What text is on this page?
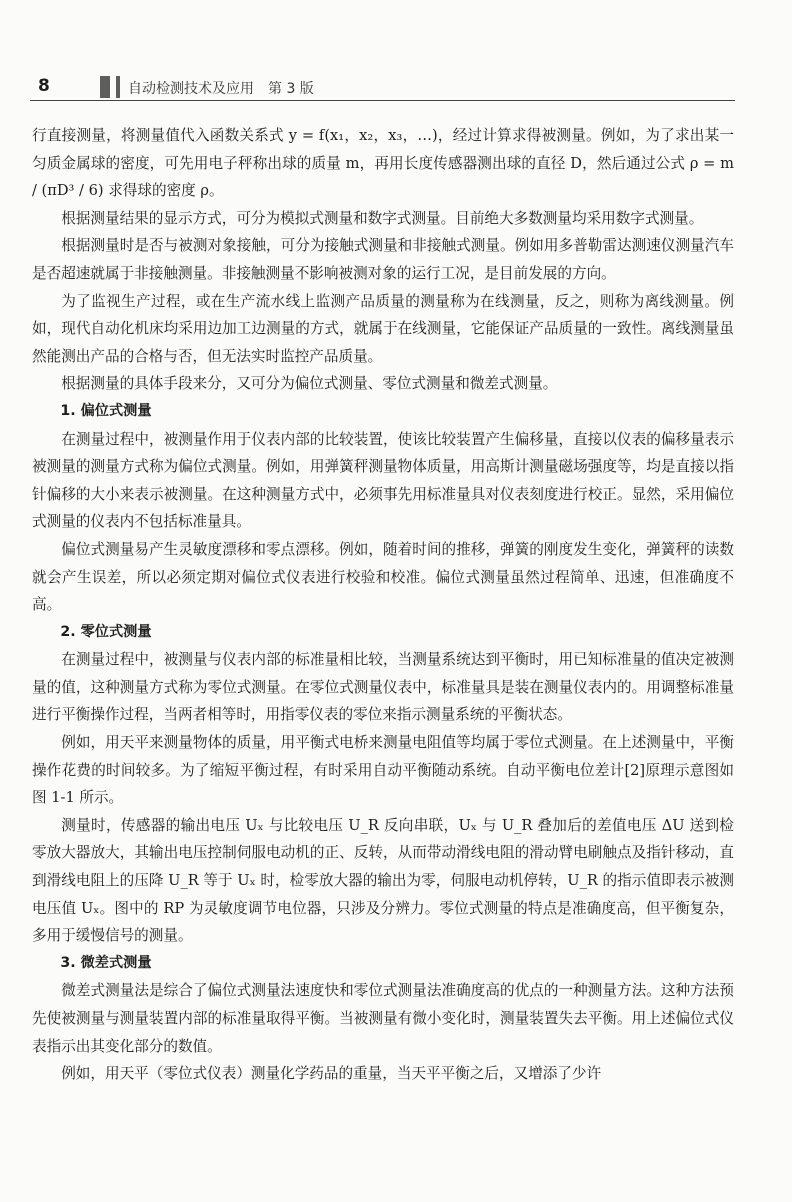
8	自动检测技术及应用　第 3 版

行直接测量，将测量值代入函数关系式 y = f(x₁，x₂，x₃，…)，经过计算求得被测量。例如，为了求出某一匀质金属球的密度，可先用电子秤称出球的质量 m，再用长度传感器测出球的直径 D，然后通过公式 ρ = m / (πD³ / 6) 求得球的密度 ρ。

根据测量结果的显示方式，可分为模拟式测量和数字式测量。目前绝大多数测量均采用数字式测量。

根据测量时是否与被测对象接触，可分为接触式测量和非接触式测量。例如用多普勒雷达测速仪测量汽车是否超速就属于非接触测量。非接触测量不影响被测对象的运行工况，是目前发展的方向。

为了监视生产过程，或在生产流水线上监测产品质量的测量称为在线测量，反之，则称为离线测量。例如，现代自动化机床均采用边加工边测量的方式，就属于在线测量，它能保证产品质量的一致性。离线测量虽然能测出产品的合格与否，但无法实时监控产品质量。

根据测量的具体手段来分，又可分为偏位式测量、零位式测量和微差式测量。

1. 偏位式测量

在测量过程中，被测量作用于仪表内部的比较装置，使该比较装置产生偏移量，直接以仪表的偏移量表示被测量的测量方式称为偏位式测量。例如，用弹簧秤测量物体质量，用高斯计测量磁场强度等，均是直接以指针偏移的大小来表示被测量。在这种测量方式中，必须事先用标准量具对仪表刻度进行校正。显然，采用偏位式测量的仪表内不包括标准量具。

偏位式测量易产生灵敏度漂移和零点漂移。例如，随着时间的推移，弹簧的刚度发生变化，弹簧秤的读数就会产生误差，所以必须定期对偏位式仪表进行校验和校准。偏位式测量虽然过程简单、迅速，但准确度不高。

2. 零位式测量

在测量过程中，被测量与仪表内部的标准量相比较，当测量系统达到平衡时，用已知标准量的值决定被测量的值，这种测量方式称为零位式测量。在零位式测量仪表中，标准量具是装在测量仪表内的。用调整标准量进行平衡操作过程，当两者相等时，用指零仪表的零位来指示测量系统的平衡状态。

例如，用天平来测量物体的质量，用平衡式电桥来测量电阻值等均属于零位式测量。在上述测量中，平衡操作花费的时间较多。为了缩短平衡过程，有时采用自动平衡随动系统。自动平衡电位差计[2]原理示意图如图 1-1 所示。

测量时，传感器的输出电压 Uₓ 与比较电压 U_R 反向串联，Uₓ 与 U_R 叠加后的差值电压 ΔU 送到检零放大器放大，其输出电压控制伺服电动机的正、反转，从而带动滑线电阻的滑动臂电刷触点及指针移动，直到滑线电阻上的压降 U_R 等于 Uₓ 时，检零放大器的输出为零，伺服电动机停转，U_R 的指示值即表示被测电压值 Uₓ。图中的 RP 为灵敏度调节电位器，只涉及分辨力。零位式测量的特点是准确度高，但平衡复杂，多用于缓慢信号的测量。

3. 微差式测量

微差式测量法是综合了偏位式测量法速度快和零位式测量法准确度高的优点的一种测量方法。这种方法预先使被测量与测量装置内部的标准量取得平衡。当被测量有微小变化时，测量装置失去平衡。用上述偏位式仪表指示出其变化部分的数值。

例如，用天平（零位式仪表）测量化学药品的重量，当天平平衡之后，又增添了少许
